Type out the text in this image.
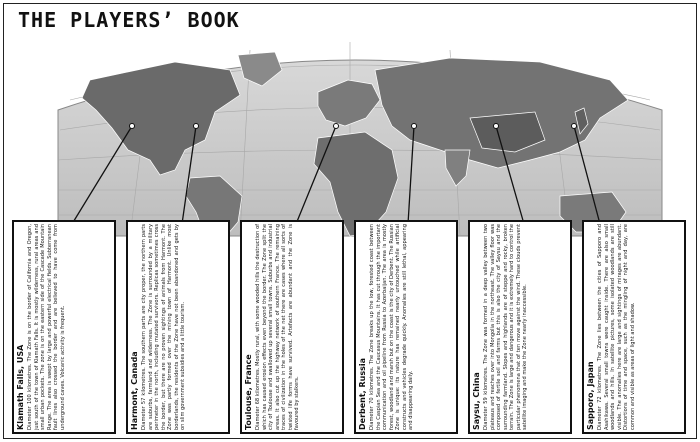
THE PLAYERS’ BOOK
Klamath Falls, USA Diameter 100 kilometres. The Zone is on the border of California and Oregon, just south of the town of Klamath Falls. It is mostly wilderness, rural areas and small urban pockets. The zone is on the eastern side of the Cascade Mountain Range. The area is swept by large and powerful electrical fields. Subterranean fault lines also crossed the border and are believed to have come from underground caves. Volcanic activity is frequent.	Harmont, Canada Diameter 57 kilometres. The southern parts are city proper, the northern parts are suburbs, farmland and wilderness. The Zone is surrounded by a military perimeter in the north, including mutated survivors. Replicas sometimes cross the border, but there are no proven sightings of animals from Harmont. The Zone was partly formed over the mining town of Harmont. Unlike most borderlands, the residents of the Zone have not been abandoned and gets by on slim government subsidies and a little tourism.	Toulouse, France Diameter 68 kilometres. Mostly rural, with some wooded hills the destruction of which has caused erosion effects even beyond the border. The Zone split the city of Toulouse and swallowed up several small towns. Suburbs and industrial areas. It also cut up the highway network of southern France. The remaining traces of civilization in the holes of the net there are cases where all sorts of twisted life forms have survived. Artefacts are abundant and the Zone is favoured by stalkers.	Derbent, Russia Diameter 70 kilometres. The Zone breaks up the low, forested coast between the Caspian Sea and the Caucasus Mountains. It has cut through the important communication and oil pipeline from Russia to Azerbaijan. The area is mostly forest, woodland and marsh but on the coast is the city of Derbent. The Russian Zone is unique: its nature has remained nearly untouched while artificial constructs and vehicles degrade quickly. Anomalies are still lethal, appearing and disappearing daily.	Saysu, China Diameter 59 kilometres. The Zone was formed in a deep valley between two plateaus and reaches over into Mongolia in the northeast. The valley floor was composed of fertile soil and farms but this is also the city of Saysu and the surrounding farmland. Slopes and highlands are of steppe and rocky, broken terrain. The Zone is large and dangerous and it is extremely hard to control the particular phenomena that of ten move against the wind. These clouds prevent satellite imaging and make the Zone nearly inaccessible.	Sapporo, Japan Diameter 72 kilometres. The Zone lies between the cities of Sapporo and Asahikawa. Several small towns were caught inside. There are also small woodlands and hills. In satellite pictures, some isolated woodlands are still visible. The anomalies here are large and sightings of mirages are abundant. Distortions of time and space, such as the mingling of night and day, are common and visible as areas of light and shadow.
